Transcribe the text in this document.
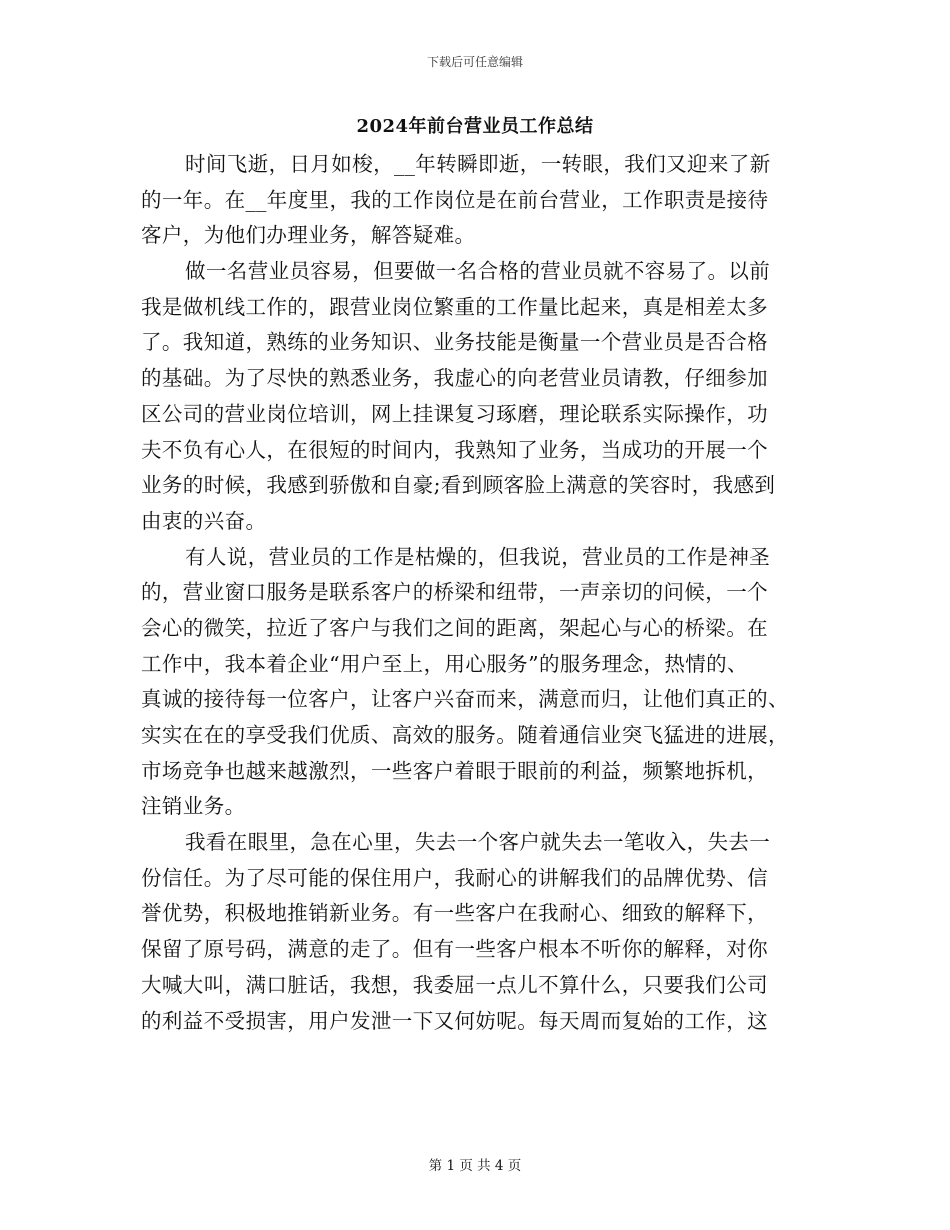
下载后可任意编辑
2024年前台营业员工作总结
时间飞逝，日月如梭，__年转瞬即逝，一转眼，我们又迎来了新
的一年。在__年度里，我的工作岗位是在前台营业，工作职责是接待
客户，为他们办理业务，解答疑难。
做一名营业员容易，但要做一名合格的营业员就不容易了。以前
我是做机线工作的，跟营业岗位繁重的工作量比起来，真是相差太多
了。我知道，熟练的业务知识、业务技能是衡量一个营业员是否合格
的基础。为了尽快的熟悉业务，我虚心的向老营业员请教，仔细参加
区公司的营业岗位培训，网上挂课复习琢磨，理论联系实际操作，功
夫不负有心人，在很短的时间内，我熟知了业务，当成功的开展一个
业务的时候，我感到骄傲和自豪;看到顾客脸上满意的笑容时，我感到
由衷的兴奋。
有人说，营业员的工作是枯燥的，但我说，营业员的工作是神圣
的，营业窗口服务是联系客户的桥梁和纽带，一声亲切的问候，一个
会心的微笑，拉近了客户与我们之间的距离，架起心与心的桥梁。在
工作中，我本着企业“用户至上，用心服务”的服务理念，热情的、
真诚的接待每一位客户，让客户兴奋而来，满意而归，让他们真正的、
实实在在的享受我们优质、高效的服务。随着通信业突飞猛进的进展，
市场竞争也越来越激烈，一些客户着眼于眼前的利益，频繁地拆机，
注销业务。
我看在眼里，急在心里，失去一个客户就失去一笔收入，失去一
份信任。为了尽可能的保住用户，我耐心的讲解我们的品牌优势、信
誉优势，积极地推销新业务。有一些客户在我耐心、细致的解释下，
保留了原号码，满意的走了。但有一些客户根本不听你的解释，对你
大喊大叫，满口脏话，我想，我委屈一点儿不算什么，只要我们公司
的利益不受损害，用户发泄一下又何妨呢。每天周而复始的工作，这
第 1 页 共 4 页
